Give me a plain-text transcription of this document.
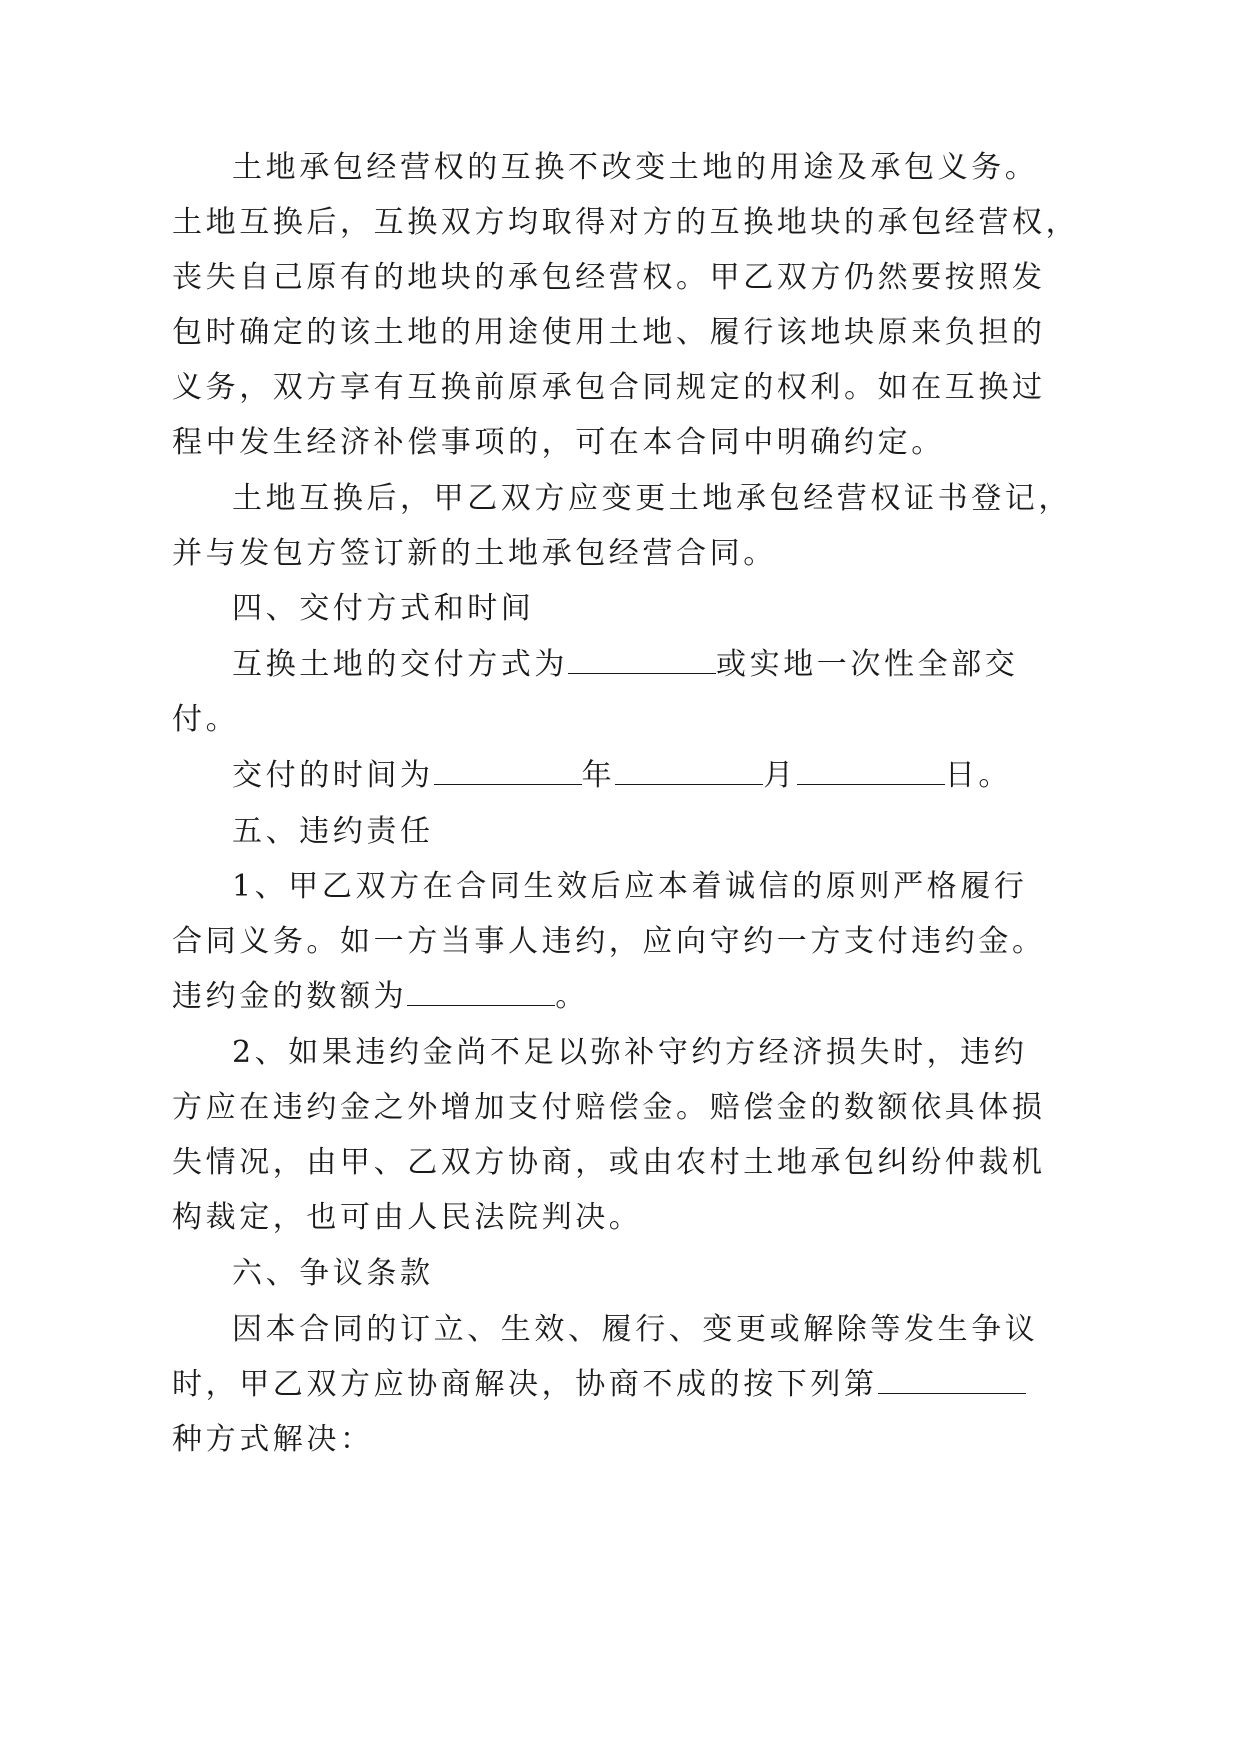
土地承包经营权的互换不改变土地的用途及承包义务。
土地互换后，互换双方均取得对方的互换地块的承包经营权，
丧失自己原有的地块的承包经营权。甲乙双方仍然要按照发
包时确定的该土地的用途使用土地、履行该地块原来负担的
义务，双方享有互换前原承包合同规定的权利。如在互换过
程中发生经济补偿事项的，可在本合同中明确约定。
土地互换后，甲乙双方应变更土地承包经营权证书登记，
并与发包方签订新的土地承包经营合同。
四、交付方式和时间
互换土地的交付方式为	或实地一次性全部交
付。
交付的时间为	年	月	日。
五、违约责任
1、甲乙双方在合同生效后应本着诚信的原则严格履行
合同义务。如一方当事人违约，应向守约一方支付违约金。
违约金的数额为	。
2、如果违约金尚不足以弥补守约方经济损失时，违约
方应在违约金之外增加支付赔偿金。赔偿金的数额依具体损
失情况，由甲、乙双方协商，或由农村土地承包纠纷仲裁机
构裁定，也可由人民法院判决。
六、争议条款
因本合同的订立、生效、履行、变更或解除等发生争议
时，甲乙双方应协商解决，协商不成的按下列第
种方式解决：
